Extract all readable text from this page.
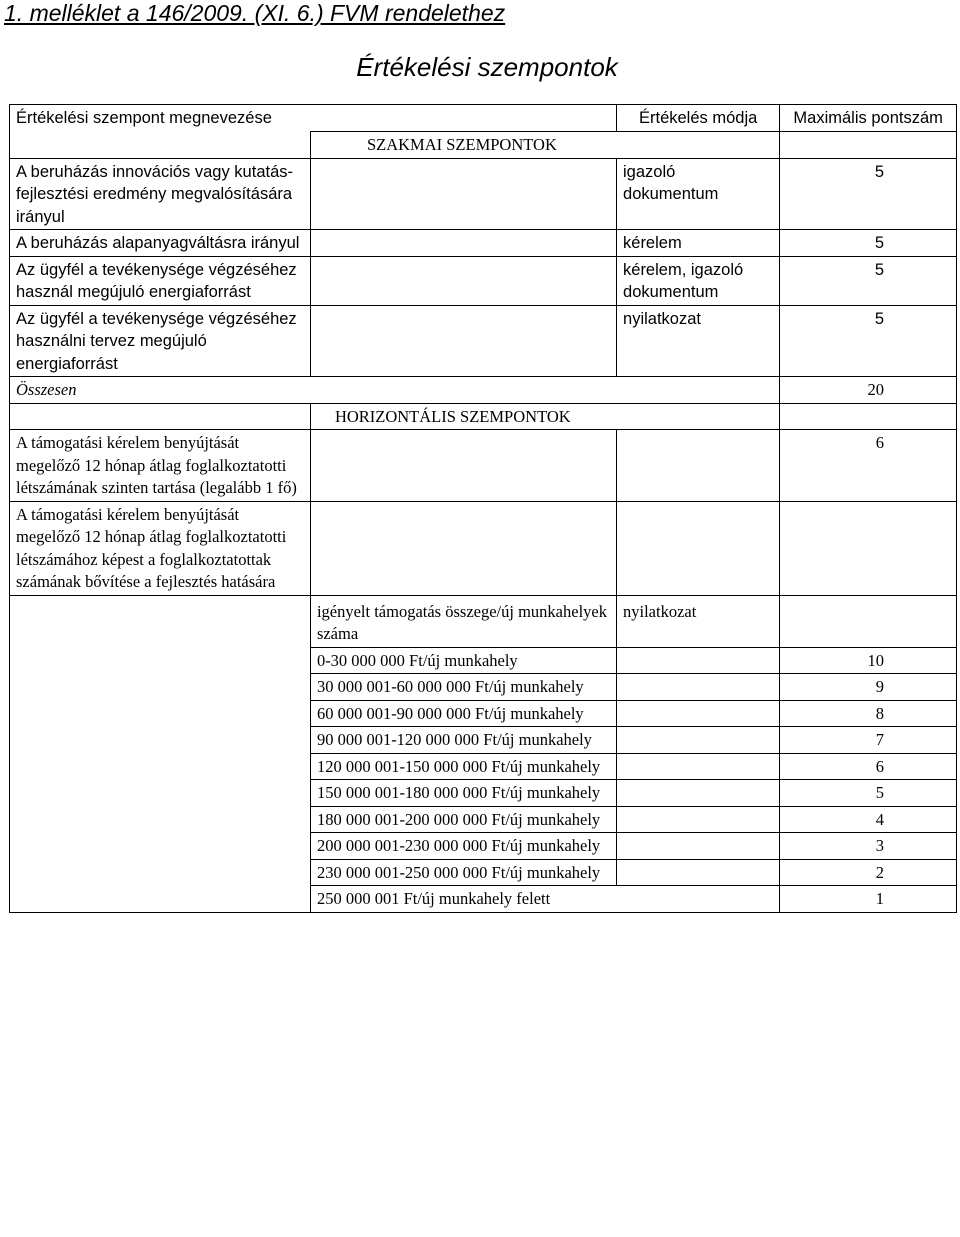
1. melléklet a 146/2009. (XI. 6.) FVM rendelethez
Értékelési szempontok
Értékelési szempont megnevezése		Értékelés módja	Maximális pontszám
	SZAKMAI SZEMPONTOK		
A beruházás innovációs vagy kutatás-fejlesztési eredmény megvalósítására irányul		igazoló dokumentum	5
A beruházás alapanyagváltásra irányul		kérelem	5
Az ügyfél a tevékenysége végzéséhez használ megújuló energiaforrást		kérelem, igazoló dokumentum	5
Az ügyfél a tevékenysége végzéséhez használni tervez megújuló energiaforrást		nyilatkozat	5
Összesen			20
	HORIZONTÁLIS SZEMPONTOK		
A támogatási kérelem benyújtását megelőző 12 hónap átlag foglalkoztatotti létszámának szinten tartása (legalább 1 fő)			6
A támogatási kérelem benyújtását megelőző 12 hónap átlag foglalkoztatotti létszámához képest a foglalkoztatottak számának bővítése a fejlesztés hatására			
	igényelt támogatás összege/új munkahelyek száma	nyilatkozat	
	0-30 000 000 Ft/új munkahely		10
	30 000 001-60 000 000 Ft/új munkahely		9
	60 000 001-90 000 000 Ft/új munkahely		8
	90 000 001-120 000 000 Ft/új munkahely		7
	120 000 001-150 000 000 Ft/új munkahely		6
	150 000 001-180 000 000 Ft/új munkahely		5
	180 000 001-200 000 000 Ft/új munkahely		4
	200 000 001-230 000 000 Ft/új munkahely		3
	230 000 001-250 000 000 Ft/új munkahely		2
	250 000 001 Ft/új munkahely felett		1
